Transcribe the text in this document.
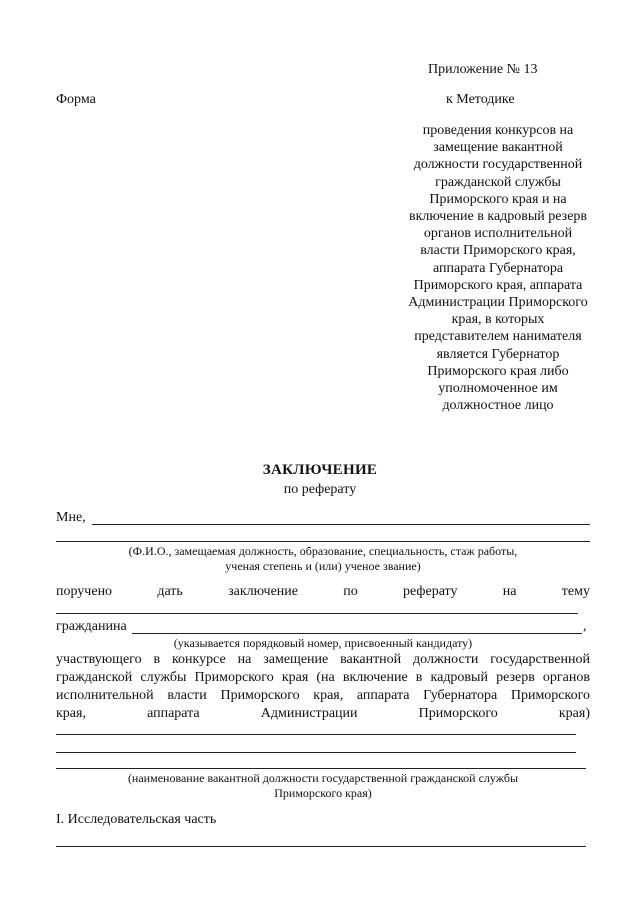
Приложение № 13
Форма	к Методике
проведения конкурсов на
замещение вакантной
должности государственной
гражданской службы
Приморского края и на
включение в кадровый резерв
органов исполнительной
власти Приморского края,
аппарата Губернатора
Приморского края, аппарата
Администрации Приморского
края, в которых
представителем нанимателя
является Губернатор
Приморского края либо
уполномоченное им
должностное лицо
ЗАКЛЮЧЕНИЕ
по реферату
Мне,
(Ф.И.О., замещаемая должность, образование, специальность, стаж работы,
ученая степень и (или) ученое звание)
поручено	дать	заключение	по	реферату	на	тему
гражданина	,
(указывается порядковый номер, присвоенный кандидату)
участвующего в конкурсе на замещение вакантной должности государственной
гражданской службы Приморского края (на включение в кадровый резерв органов
исполнительной власти Приморского края, аппарата Губернатора Приморского
края,	аппарата	Администрации	Приморского	края)
(наименование вакантной должности государственной гражданской службы
Приморского края)
I. Исследовательская часть
